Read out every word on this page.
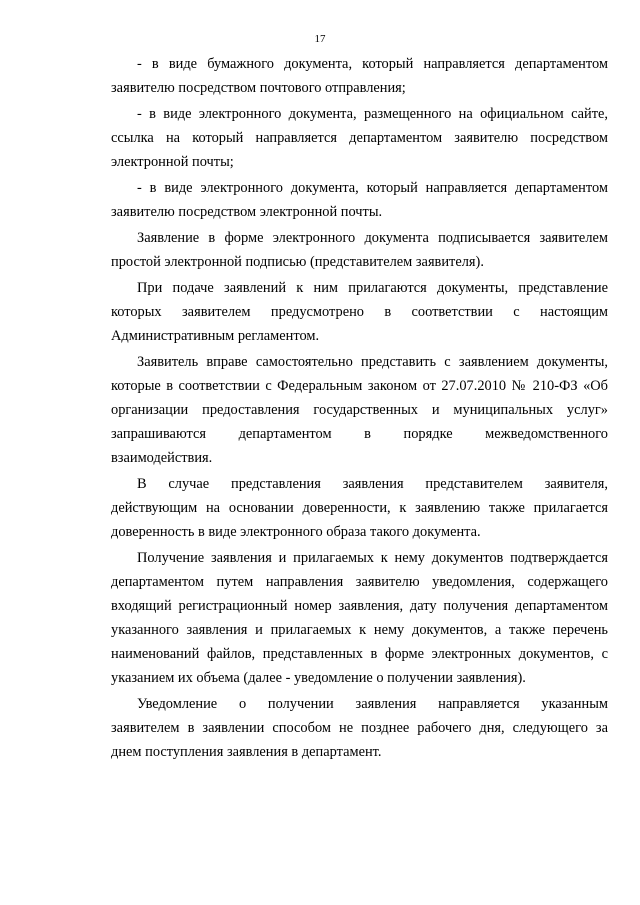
17
- в виде бумажного документа, который направляется департаментом
заявителю посредством почтового отправления;
- в виде электронного документа, размещенного на официальном сайте,
ссылка на который направляется департаментом заявителю посредством
электронной почты;
- в виде электронного документа, который направляется департаментом
заявителю посредством электронной почты.
Заявление в форме электронного документа подписывается заявителем
простой электронной подписью (представителем заявителя).
При подаче заявлений к ним прилагаются документы, представление
которых заявителем предусмотрено в соответствии с настоящим
Административным регламентом.
Заявитель вправе самостоятельно представить с заявлением документы,
которые в соответствии с Федеральным законом от 27.07.2010 № 210-ФЗ «Об
организации предоставления государственных и муниципальных услуг»
запрашиваются департаментом в порядке межведомственного
взаимодействия.
В случае представления заявления представителем заявителя,
действующим на основании доверенности, к заявлению также прилагается
доверенность в виде электронного образа такого документа.
Получение заявления и прилагаемых к нему документов подтверждается
департаментом путем направления заявителю уведомления, содержащего
входящий регистрационный номер заявления, дату получения департаментом
указанного заявления и прилагаемых к нему документов, а также перечень
наименований файлов, представленных в форме электронных документов, с
указанием их объема (далее - уведомление о получении заявления).
Уведомление о получении заявления направляется указанным
заявителем в заявлении способом не позднее рабочего дня, следующего за
днем поступления заявления в департамент.
